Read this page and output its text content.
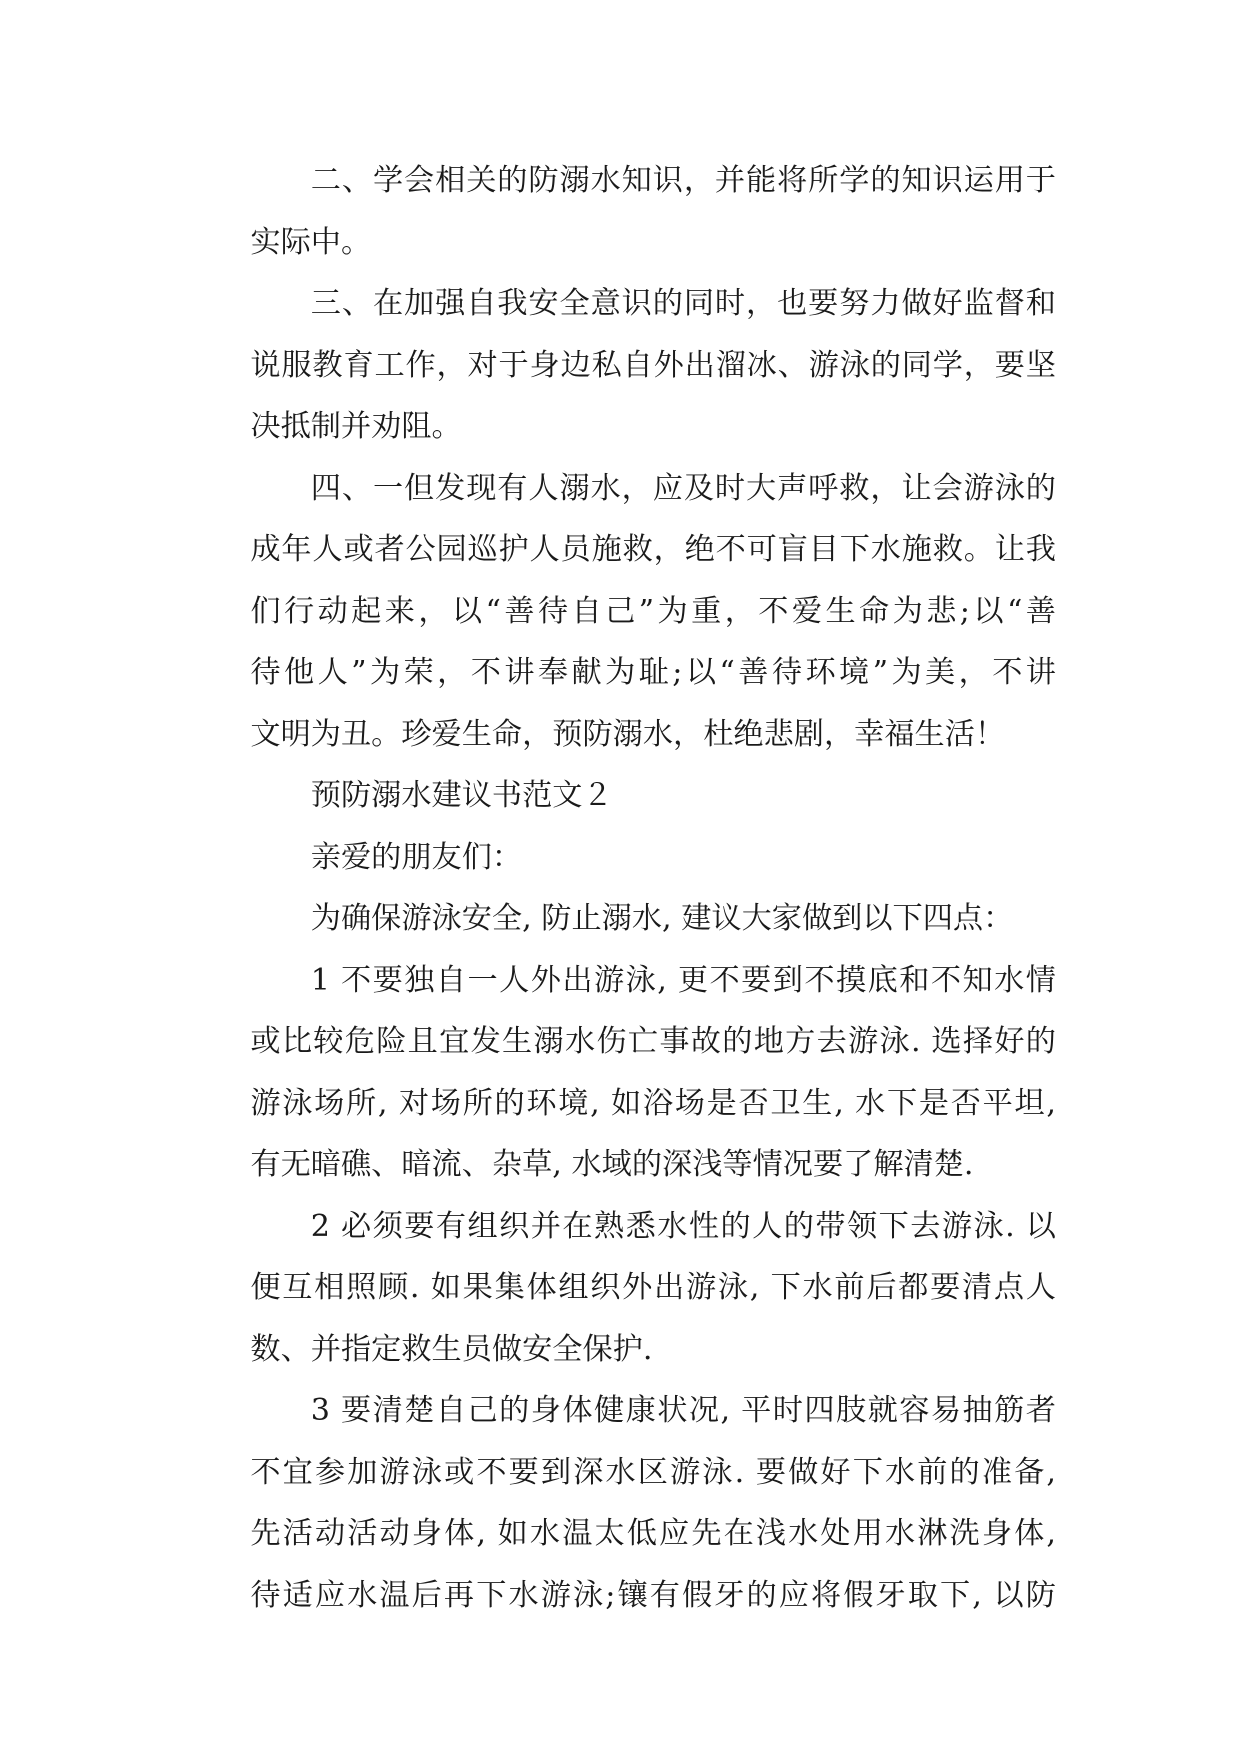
二、学会相关的防溺水知识，并能将所学的知识运用于
实际中。
三、在加强自我安全意识的同时，也要努力做好监督和
说服教育工作，对于身边私自外出溜冰、游泳的同学，要坚
决抵制并劝阻。
四、一但发现有人溺水，应及时大声呼救，让会游泳的
成年人或者公园巡护人员施救，绝不可盲目下水施救。让我
们行动起来，以“善待自己”为重，不爱生命为悲;以“善
待他人”为荣，不讲奉献为耻;以“善待环境”为美，不讲
文明为丑。珍爱生命，预防溺水，杜绝悲剧，幸福生活！
预防溺水建议书范文２
亲爱的朋友们：
为确保游泳安全, 防止溺水, 建议大家做到以下四点：
1 不要独自一人外出游泳, 更不要到不摸底和不知水情
或比较危险且宜发生溺水伤亡事故的地方去游泳. 选择好的
游泳场所, 对场所的环境, 如浴场是否卫生, 水下是否平坦,
有无暗礁、暗流、杂草, 水域的深浅等情况要了解清楚.
2 必须要有组织并在熟悉水性的人的带领下去游泳. 以
便互相照顾. 如果集体组织外出游泳, 下水前后都要清点人
数、并指定救生员做安全保护.
3 要清楚自己的身体健康状况, 平时四肢就容易抽筋者
不宜参加游泳或不要到深水区游泳. 要做好下水前的准备,
先活动活动身体, 如水温太低应先在浅水处用水淋洗身体,
待适应水温后再下水游泳;镶有假牙的应将假牙取下, 以防
